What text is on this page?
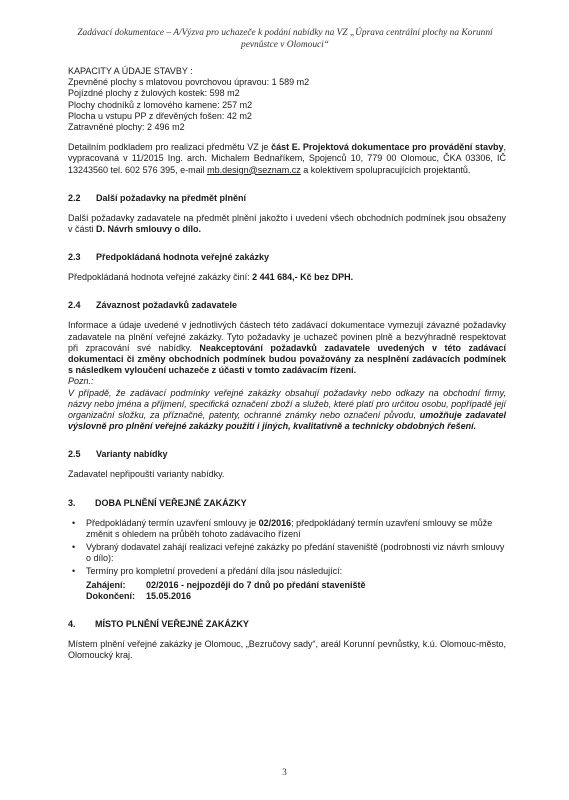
Zadávací dokumentace – A/Výzva pro uchazeče k podání nabídky na VZ „Úprava centrální plochy na Korunní
pevnůstce v Olomouci“
KAPACITY A ÚDAJE STAVBY :
Zpevněné plochy s mlatovou povrchovou úpravou: 1 589 m2
Pojízdné plochy z žulových kostek: 598 m2
Plochy chodníků z lomového kamene: 257 m2
Plocha u vstupu PP z dřevěných fošen: 42 m2
Zatravněné plochy: 2 496 m2

Detailním podkladem pro realizaci předmětu VZ je část E. Projektová dokumentace pro provádění stavby, vypracovaná v 11/2015 Ing. arch. Michalem Bednaříkem, Spojenců 10, 779 00 Olomouc, ČKA 03306, IČ 13243560 tel. 602 576 395, e-mail mb.design@seznam.cz a kolektivem spolupracujících projektantů.

2.2 Další požadavky na předmět plnění

Další požadavky zadavatele na předmět plnění jakožto i uvedení všech obchodních podmínek jsou obsaženy v části D. Návrh smlouvy o dílo.

2.3 Předpokládaná hodnota veřejné zakázky

Předpokládaná hodnota veřejné zakázky činí: 2 441 684,- Kč bez DPH.

2.4 Závaznost požadavků zadavatele

Informace a údaje uvedené v jednotlivých částech této zadávací dokumentace vymezují závazné požadavky zadavatele na plnění veřejné zakázky. Tyto požadavky je uchazeč povinen plně a bezvýhradně respektovat při zpracování své nabídky. Neakceptování požadavků zadavatele uvedených v této zadávací dokumentaci či změny obchodních podmínek budou považovány za nesplnění zadávacích podmínek s následkem vyloučení uchazeče z účasti v tomto zadávacím řízení.

Pozn.:

V případě, že zadávací podmínky veřejné zakázky obsahují požadavky nebo odkazy na obchodní firmy, názvy nebo jména a příjmení, specifická označení zboží a služeb, které platí pro určitou osobu, popřípadě její organizační složku, za příznačné, patenty, ochranné známky nebo označení původu, umožňuje zadavatel výslovně pro plnění veřejné zakázky použití i jiných, kvalitativně a technicky obdobných řešení.

2.5 Varianty nabídky

Zadavatel nepřipouští varianty nabídky.

3. DOBA PLNĚNÍ VEŘEJNÉ ZAKÁZKY
• Předpokládaný termín uzavření smlouvy je 02/2016; předpokládaný termín uzavření smlouvy se může změnit s ohledem na průběh tohoto zadávacího řízení
• Vybraný dodavatel zahájí realizaci veřejné zakázky po předání staveniště (podrobnosti viz návrh smlouvy o dílo):
• Termíny pro kompletní provedení a předání díla jsou následující:
Zahájení:	02/2016 - nejpozději do 7 dnů po předání staveniště
Dokončení:	15.05.2016
4. MÍSTO PLNĚNÍ VEŘEJNÉ ZAKÁZKY

Místem plnění veřejné zakázky je Olomouc, „Bezručovy sady“, areál Korunní pevnůstky, k.ú. Olomouc-město, Olomoucký kraj.

3
